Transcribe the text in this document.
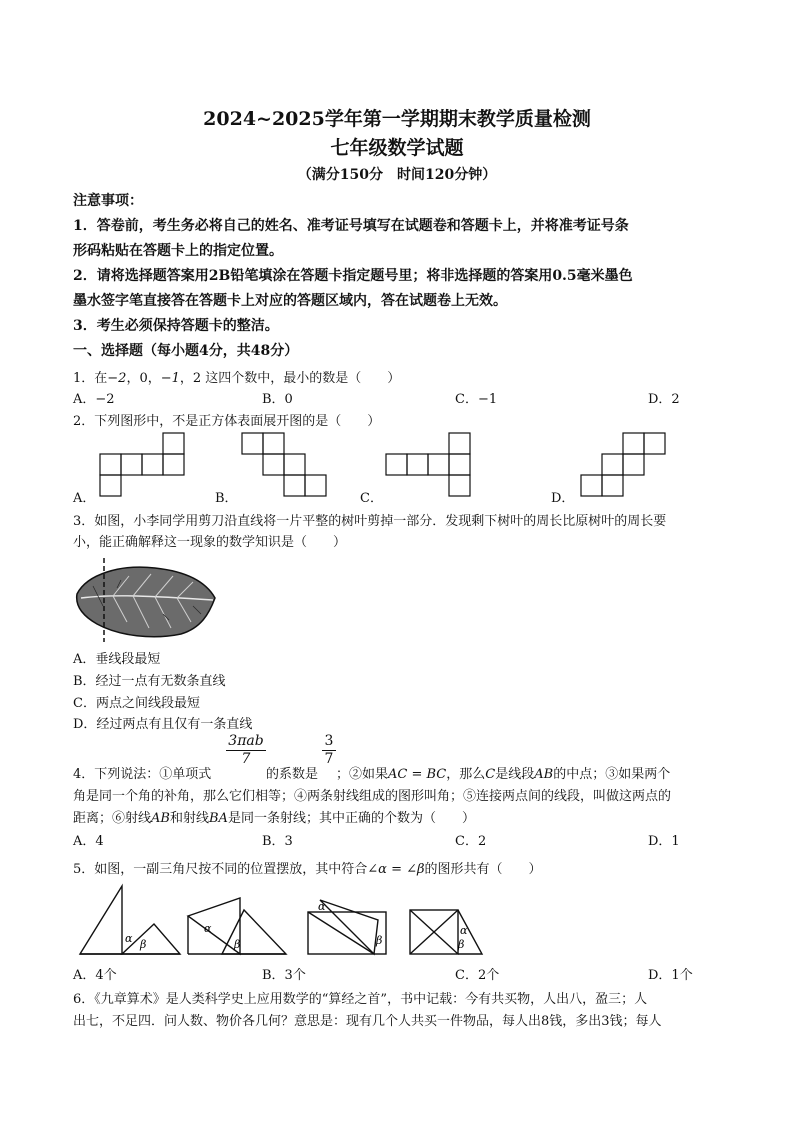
2024~2025学年第一学期期末教学质量检测
七年级数学试题
（满分150分　时间120分钟）
注意事项：
1．答卷前，考生务必将自己的姓名、准考证号填写在试题卷和答题卡上，并将准考证号条
形码粘贴在答题卡上的指定位置。
2．请将选择题答案用2B铅笔填涂在答题卡指定题号里；将非选择题的答案用0.5毫米墨色
墨水签字笔直接答在答题卡上对应的答题区域内，答在试题卷上无效。
3．考生必须保持答题卡的整洁。
一、选择题（每小题4分，共48分）
1．在−2，0，−1，2 这四个数中，最小的数是（　　）
A．−2	B．0	C．−1	D．2
2．下列图形中，不是正方体表面展开图的是（　　）
A．	B．	C．	D．
3．如图，小李同学用剪刀沿直线将一片平整的树叶剪掉一部分．发现剩下树叶的周长比原树叶的周长要
小，能正确解释这一现象的数学知识是（　　）
A．垂线段最短
B．经过一点有无数条直线
C．两点之间线段最短
D．经过两点有且仅有一条直线
3πab
7	$\frac{3}{7}$
4．下列说法：①单项式	的系数是 ；②如果AC = BC，那么C是线段AB的中点；③如果两个
角是同一个角的补角，那么它们相等；④两条射线组成的图形叫角；⑤连接两点间的线段，叫做这两点的
距离；⑥射线AB和射线BA是同一条射线；其中正确的个数为（　　）
A．4	B．3	C．2	D．1
5．如图，一副三角尺按不同的位置摆放，其中符合∠α = ∠β的图形共有（　　）
α β
α
β
α
β
α
β
A．4个	B．3个	C．2个	D．1个
6．《九章算术》是人类科学史上应用数学的“算经之首”，书中记载：今有共买物，人出八，盈三；人
出七，不足四．问人数、物价各几何？意思是：现有几个人共买一件物品，每人出8钱，多出3钱；每人
